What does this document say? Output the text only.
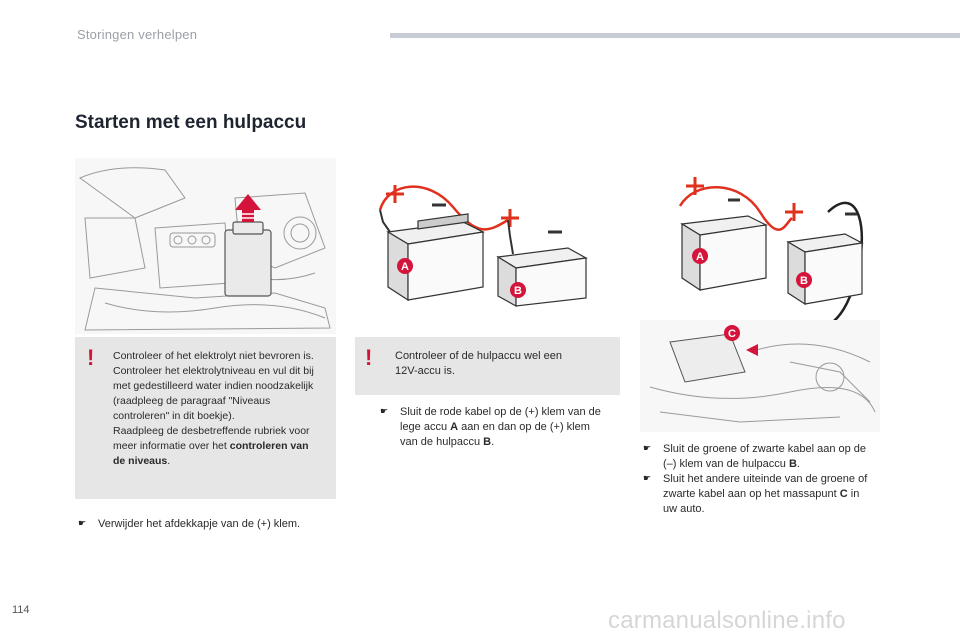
Storingen verhelpen
Starten met een hulpaccu
A
B
A
B
C
! Controleer of het elektrolyt niet bevroren is.
Controleer het elektrolytniveau en vul dit bij
met gedestilleerd water indien noodzakelijk
(raadpleeg de paragraaf "Niveaus
controleren" in dit boekje).
Raadpleeg de desbetreffende rubriek voor
meer informatie over het controleren van
de niveaus.
! Controleer of de hulpaccu wel een
12V-accu is.
☛	Sluit de rode kabel op de (+) klem van de
lege accu A aan en dan op de (+) klem
van de hulpaccu B.
☛	Sluit de groene of zwarte kabel aan op de
(–) klem van de hulpaccu B.
☛	Sluit het andere uiteinde van de groene of
zwarte kabel aan op het massapunt C in
uw auto.
☛	Verwijder het afdekkapje van de (+) klem.
114	carmanualsonline.info
